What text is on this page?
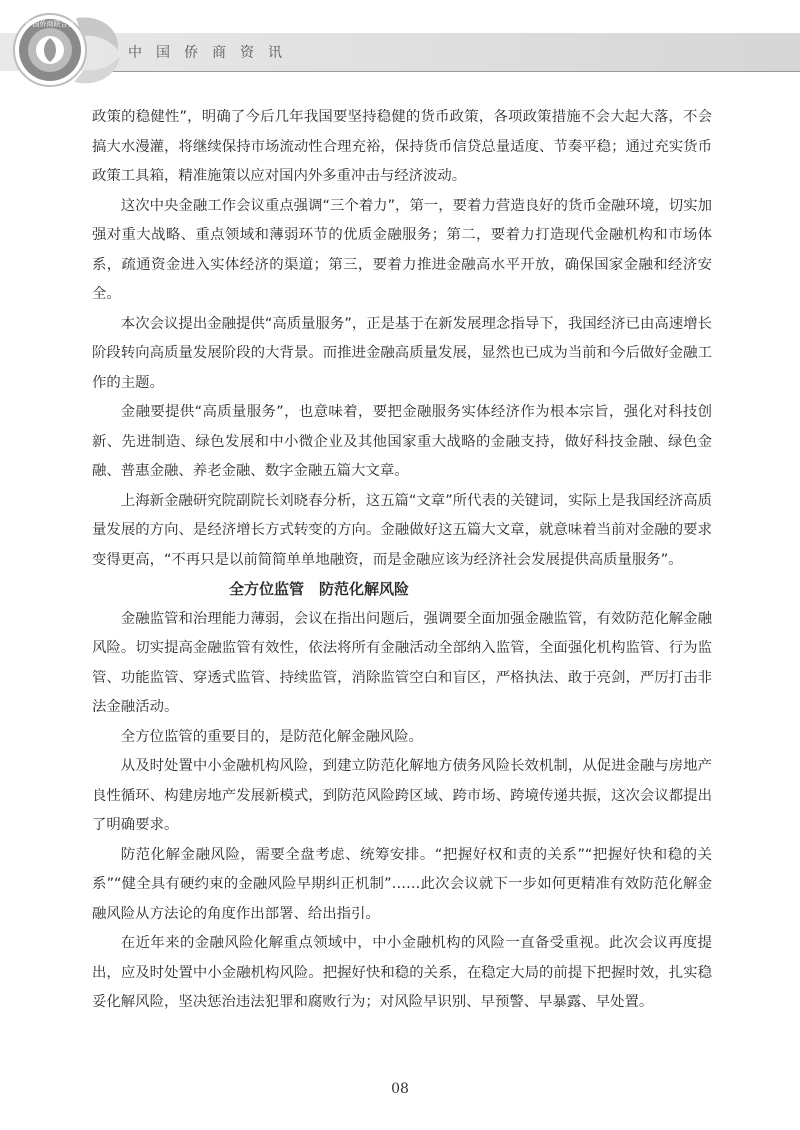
中国侨商资讯
中国侨商联合会

政策的稳健性”，明确了今后几年我国要坚持稳健的货币政策，各项政策措施不会大起大落，不会搞大水漫灌，将继续保持市场流动性合理充裕，保持货币信贷总量适度、节奏平稳；通过充实货币政策工具箱，精准施策以应对国内外多重冲击与经济波动。

这次中央金融工作会议重点强调“三个着力”，第一，要着力营造良好的货币金融环境，切实加强对重大战略、重点领域和薄弱环节的优质金融服务；第二，要着力打造现代金融机构和市场体系，疏通资金进入实体经济的渠道；第三，要着力推进金融高水平开放，确保国家金融和经济安全。

本次会议提出金融提供“高质量服务”，正是基于在新发展理念指导下，我国经济已由高速增长阶段转向高质量发展阶段的大背景。而推进金融高质量发展，显然也已成为当前和今后做好金融工作的主题。

金融要提供“高质量服务”，也意味着，要把金融服务实体经济作为根本宗旨，强化对科技创新、先进制造、绿色发展和中小微企业及其他国家重大战略的金融支持，做好科技金融、绿色金融、普惠金融、养老金融、数字金融五篇大文章。

上海新金融研究院副院长刘晓春分析，这五篇“文章”所代表的关键词，实际上是我国经济高质量发展的方向、是经济增长方式转变的方向。金融做好这五篇大文章，就意味着当前对金融的要求变得更高，“不再只是以前简简单单地融资，而是金融应该为经济社会发展提供高质量服务”。

全方位监管　防范化解风险

金融监管和治理能力薄弱，会议在指出问题后，强调要全面加强金融监管，有效防范化解金融风险。切实提高金融监管有效性，依法将所有金融活动全部纳入监管，全面强化机构监管、行为监管、功能监管、穿透式监管、持续监管，消除监管空白和盲区，严格执法、敢于亮剑，严厉打击非法金融活动。

全方位监管的重要目的，是防范化解金融风险。

从及时处置中小金融机构风险，到建立防范化解地方债务风险长效机制，从促进金融与房地产良性循环、构建房地产发展新模式，到防范风险跨区域、跨市场、跨境传递共振，这次会议都提出了明确要求。

防范化解金融风险，需要全盘考虑、统筹安排。“把握好权和责的关系”“把握好快和稳的关系”“健全具有硬约束的金融风险早期纠正机制”……此次会议就下一步如何更精准有效防范化解金融风险从方法论的角度作出部署、给出指引。

在近年来的金融风险化解重点领域中，中小金融机构的风险一直备受重视。此次会议再度提出，应及时处置中小金融机构风险。把握好快和稳的关系，在稳定大局的前提下把握时效，扎实稳妥化解风险，坚决惩治违法犯罪和腐败行为；对风险早识别、早预警、早暴露、早处置。

08
